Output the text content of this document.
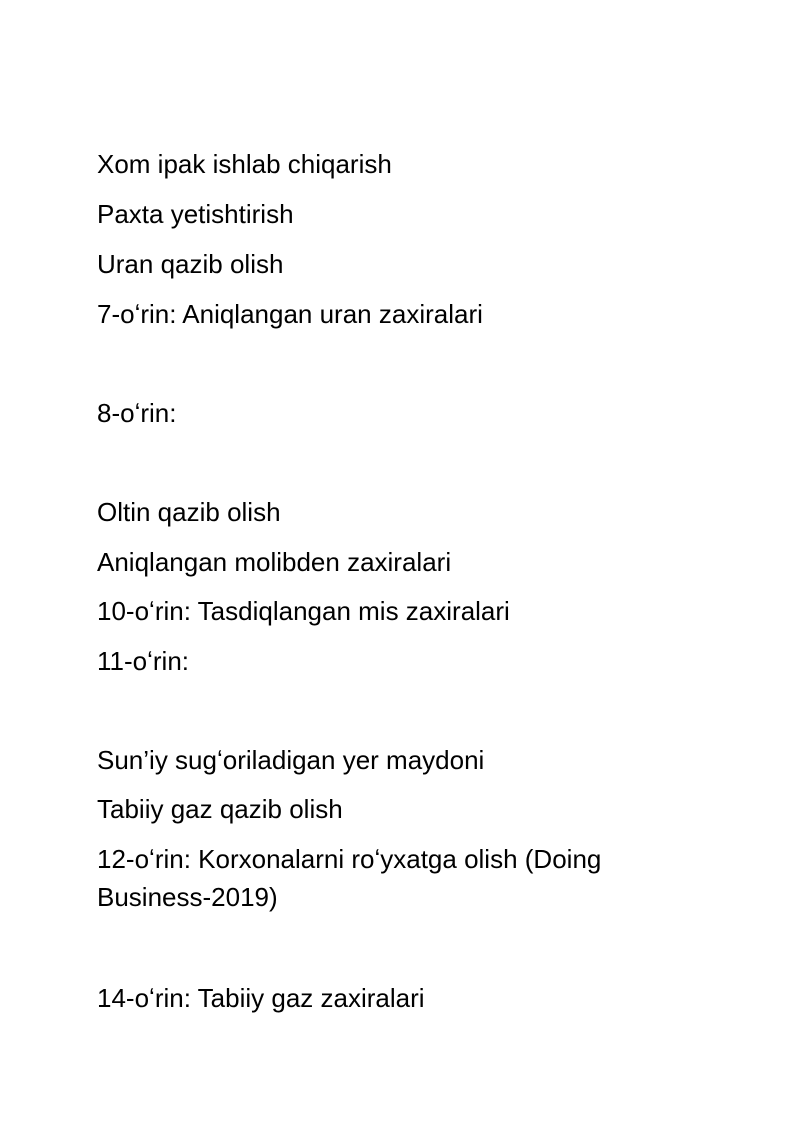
Xom ipak ishlab chiqarish
Paxta yetishtirish
Uran qazib olish
7-oʻrin: Aniqlangan uran zaxiralari
8-oʻrin:
Oltin qazib olish
Aniqlangan molibden zaxiralari
10-oʻrin: Tasdiqlangan mis zaxiralari
11-oʻrin:
Sun’iy sugʻoriladigan yer maydoni
Tabiiy gaz qazib olish
12-oʻrin: Korxonalarni roʻyxatga olish (Doing Business-2019)
14-oʻrin: Tabiiy gaz zaxiralari
